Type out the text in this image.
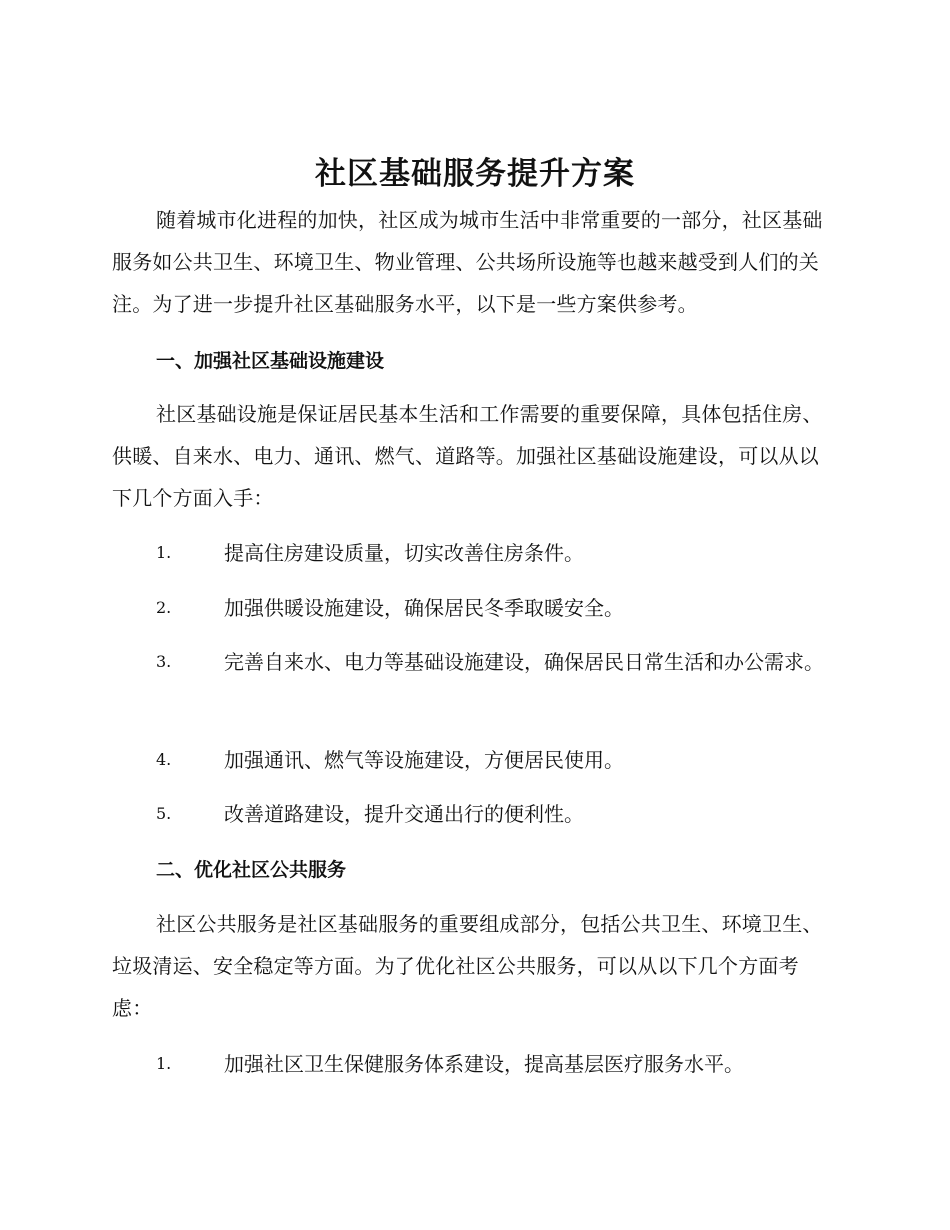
社区基础服务提升方案

随着城市化进程的加快，社区成为城市生活中非常重要的一部分，社区基础服务如公共卫生、环境卫生、物业管理、公共场所设施等也越来越受到人们的关注。为了进一步提升社区基础服务水平，以下是一些方案供参考。

一、加强社区基础设施建设

社区基础设施是保证居民基本生活和工作需要的重要保障，具体包括住房、供暖、自来水、电力、通讯、燃气、道路等。加强社区基础设施建设，可以从以下几个方面入手：

1.	提高住房建设质量，切实改善住房条件。
2.	加强供暖设施建设，确保居民冬季取暖安全。
3.	完善自来水、电力等基础设施建设，确保居民日常生活和办公需求。
4.	加强通讯、燃气等设施建设，方便居民使用。
5.	改善道路建设，提升交通出行的便利性。
二、优化社区公共服务

社区公共服务是社区基础服务的重要组成部分，包括公共卫生、环境卫生、垃圾清运、安全稳定等方面。为了优化社区公共服务，可以从以下几个方面考虑：

1.	加强社区卫生保健服务体系建设，提高基层医疗服务水平。
